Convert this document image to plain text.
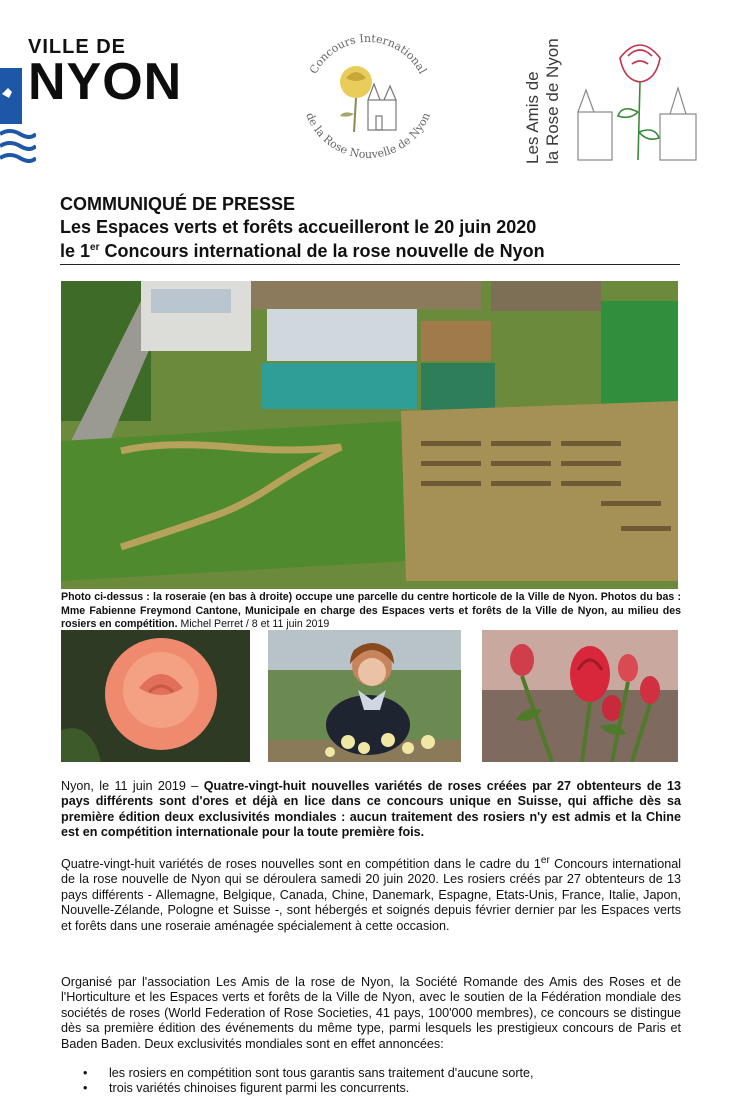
VILLE DE
NYON	Concours International
de la Rose Nouvelle de Nyon	Les Amis de la Rose de Nyon
COMMUNIQUÉ DE PRESSE
Les Espaces verts et forêts accueilleront le 20 juin 2020
le 1er Concours international de la rose nouvelle de Nyon
Photo ci-dessus : la roseraie (en bas à droite) occupe une parcelle du centre horticole de la Ville de Nyon. Photos du bas : Mme Fabienne Freymond Cantone, Municipale en charge des Espaces verts et forêts de la Ville de Nyon, au milieu des rosiers en compétition. Michel Perret / 8 et 11 juin 2019
Nyon, le 11 juin 2019 – Quatre-vingt-huit nouvelles variétés de roses créées par 27 obtenteurs de 13 pays différents sont d'ores et déjà en lice dans ce concours unique en Suisse, qui affiche dès sa première édition deux exclusivités mondiales : aucun traitement des rosiers n'y est admis et la Chine est en compétition internationale pour la toute première fois.
Quatre-vingt-huit variétés de roses nouvelles sont en compétition dans le cadre du 1er Concours international de la rose nouvelle de Nyon qui se déroulera samedi 20 juin 2020. Les rosiers créés par 27 obtenteurs de 13 pays différents - Allemagne, Belgique, Canada, Chine, Danemark, Espagne, Etats-Unis, France, Italie, Japon, Nouvelle-Zélande, Pologne et Suisse -, sont hébergés et soignés depuis février dernier par les Espaces verts et forêts dans une roseraie aménagée spécialement à cette occasion.
Organisé par l'association Les Amis de la rose de Nyon, la Société Romande des Amis des Roses et de l'Horticulture et les Espaces verts et forêts de la Ville de Nyon, avec le soutien de la Fédération mondiale des sociétés de roses (World Federation of Rose Societies, 41 pays, 100'000 membres), ce concours se distingue dès sa première édition des événements du même type, parmi lesquels les prestigieux concours de Paris et Baden Baden. Deux exclusivités mondiales sont en effet annoncées:
• les rosiers en compétition sont tous garantis sans traitement d'aucune sorte,
• trois variétés chinoises figurent parmi les concurrents.
